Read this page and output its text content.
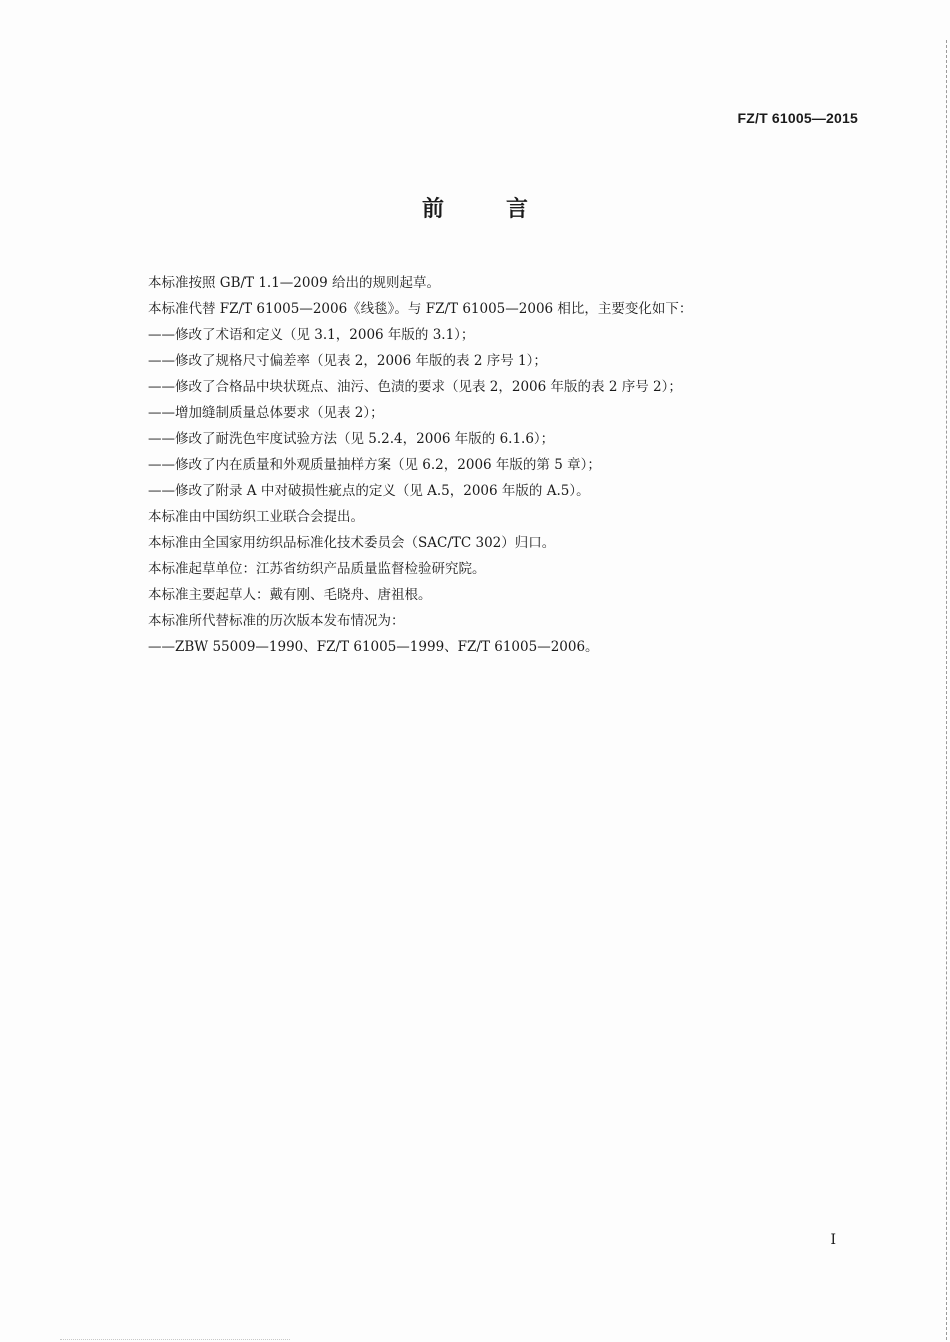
FZ/T 61005—2015
前	言
本标准按照 GB/T 1.1—2009 给出的规则起草。
本标准代替 FZ/T 61005—2006《线毯》。与 FZ/T 61005—2006 相比，主要变化如下：
——修改了术语和定义（见 3.1，2006 年版的 3.1）；
——修改了规格尺寸偏差率（见表 2，2006 年版的表 2 序号 1）；
——修改了合格品中块状斑点、油污、色渍的要求（见表 2，2006 年版的表 2 序号 2）；
——增加缝制质量总体要求（见表 2）；
——修改了耐洗色牢度试验方法（见 5.2.4，2006 年版的 6.1.6）；
——修改了内在质量和外观质量抽样方案（见 6.2，2006 年版的第 5 章）；
——修改了附录 A 中对破损性疵点的定义（见 A.5，2006 年版的 A.5）。
本标准由中国纺织工业联合会提出。
本标准由全国家用纺织品标准化技术委员会（SAC/TC 302）归口。
本标准起草单位：江苏省纺织产品质量监督检验研究院。
本标准主要起草人：戴有刚、毛晓舟、唐祖根。
本标准所代替标准的历次版本发布情况为：
——ZBW 55009—1990、FZ/T 61005—1999、FZ/T 61005—2006。
I
